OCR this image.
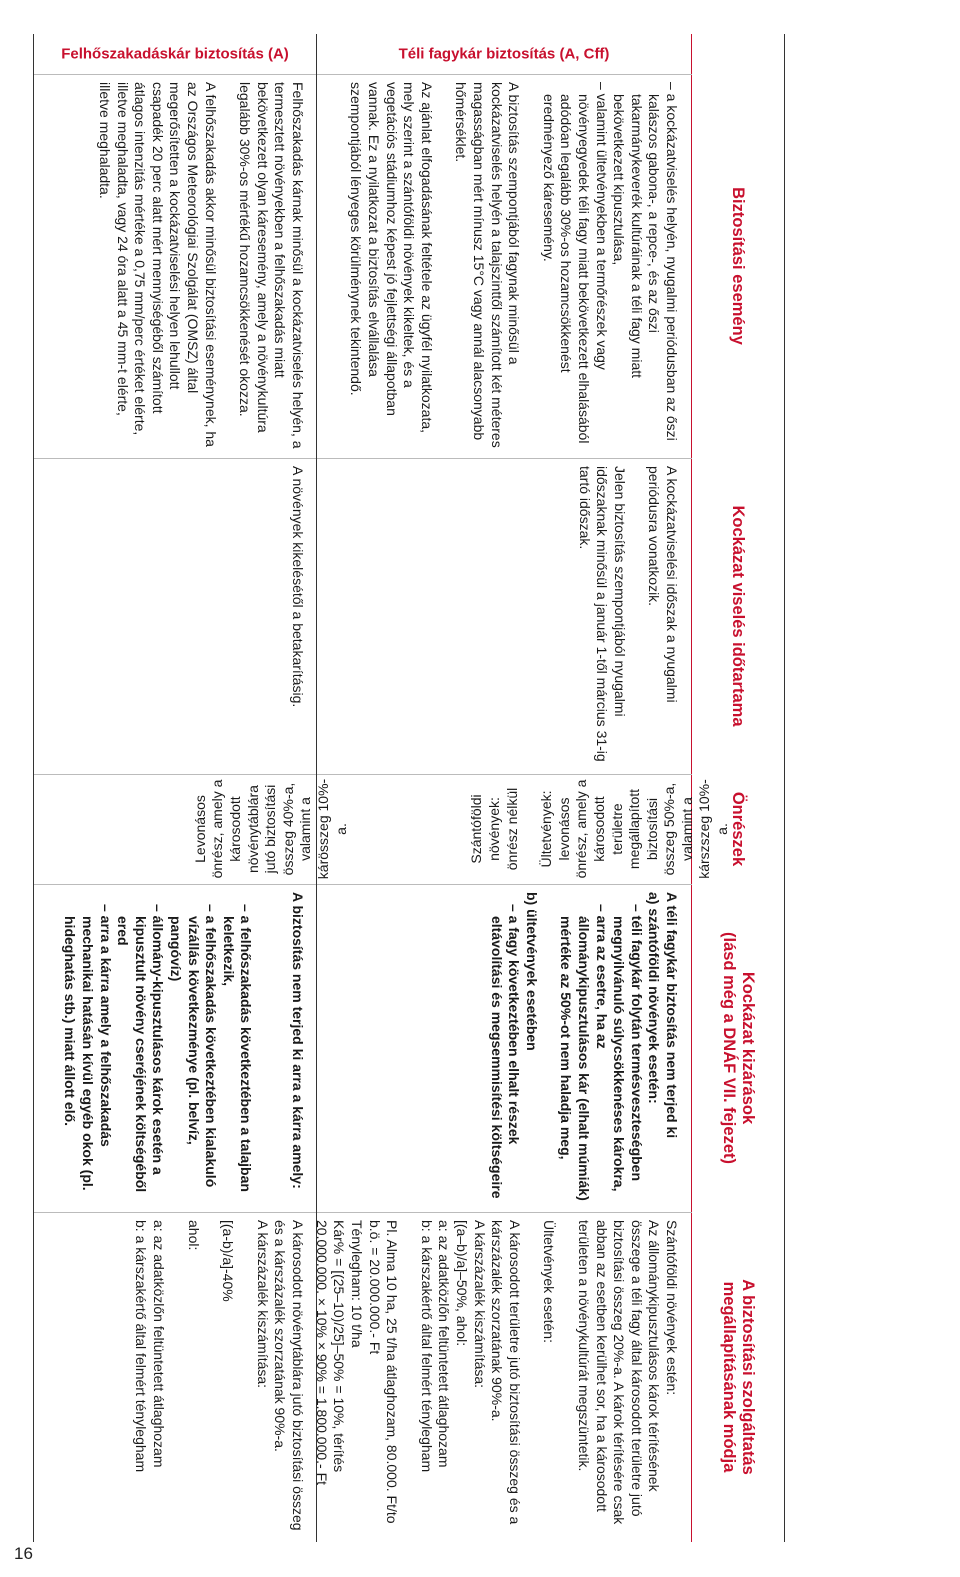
16
Biztosítási esemény
Kockázat viselés időtartama
Önrészek
Kockázat kizárások
(lásd még a DNÁF VII. fejezet)
A biztosítási szolgáltatás
megállapításának módja
Téli fagykár biztosítás (A, Cff)

– a kockázatviselés helyén, nyugalmi periódusban az őszi kalászos gabona-, a repce-, és az őszi takarmánykeverék kultúráinak a téli fagy miatt bekövetkezett kipusztulása,

– valamint ültetvényekben a termőrészek vagy növényegyedek téli fagy miatt bekövetkezett elhalásából adódóan legalább 30%-os hozamcsökkenést eredményező káresemény.

A biztosítás szempontjából fagynak minősül a kockázatviselés helyén a talajszinttől számított két méteres magasságban mért mínusz 15°C vagy annál alacsonyabb hőmérséklet.

Az ajánlat elfogadásának feltétele az ügyfél nyilatkozata, mely szerint a szántóföldi növények kikeltek, és a vegetációs stádiumhoz képest jó fejlettségi állapotban vannak. Ez a nyilatkozat a biztosítás elvállalása szempontjából lényeges körülménynek tekintendő.

A kockázatviselési időszak a nyugalmi periódusra vonatkozik.

Jelen biztosítás szempontjából nyugalmi időszaknak minősül a január 1-től március 31-ig tartó időszak.

Szántóföldi növények: önrész nélkül Ültetvények: levonásos önrész, amely a károsodott területre megállapított biztosítási összeg 50%-a, valamint a kárszszeg 10%-a.

A téli fagykár biztosítás nem terjed ki

a) szántóföldi növények esetén:

– téli fagykár folytán termésveszteségben megnyilvánuló súlycsökkenéses károkra,

– arra az esetre, ha az állománykipusztulásos kár (elhalt múmiák) mértéke az 50%-ot nem haladja meg,

b) ültetvények esetében

– a fagy következtében elhalt részek eltávolítási és megsemmisítési költségeire

Szántóföldi növények estén:

Az állománykipusztulásos károk térítésének összege a téli fagy által károsodott területre jutó biztosítási összeg 20%-a. A károk térítésére csak abban az esetben kerülhet sor, ha a károsodott területen a növénykultúrát megszüntetik.

Ültetvények esetén:

A károsodott területre jutó biztosítási összeg és a kárszázalék szorzatának 90%-a.

A kárszázalék kiszámítása:

[(a–b)/a]–50%, ahol:

a: az adatközlőn feltüntetett átlaghozam

b: a kárszakértő által felmért ténylegham

Pl. Alma 10 ha, 25 t/ha átlaghozam, 80.000. Ft/to

b.ö. = 20.000.000.- Ft

Ténylegham: 10 t/ha

Kár% = [(25–10)/25]–50% = 10%, térítés 20.000.000. × 10% × 90% = 1.800.000.- Ft

Felhőszakadáskár biztosítás (A)

Felhőszakadás kárnak minősül a kockázatviselés helyén, a termesztett növényekben a felhőszakadás miatt bekövetkezett olyan káresemény, amely a növénykultúra legalább 30%-os mértékű hozamcsökkenését okozza.

A felhőszakadás akkor minősül biztosítási eseménynek, ha az Országos Meteorológiai Szolgálat (OMSZ) által megerősítetten a kockázatviselési helyen lehullott csapadék 20 perc alatt mért mennyiségéből számított átlagos intenzitás mértéke a 0,75 mm/perc értéket elérte, illetve meghaladta, vagy 24 óra alatt a 45 mm-t elérte, illetve meghaladta.

A növények kikelésétől a betakarításig.

Levonásos önrész, amely a károsodott növénytáblára jutó biztosítási összeg 40%-a, valamint a kárösszeg 10%-a.

A biztosítás nem terjed ki arra a kárra amely:

– a felhőszakadás következtében a talajban keletkezik,

– a felhőszakadás következtében kialakuló vízállás következménye (pl. belvíz, pangóvíz)

– állomány-kipusztulásos károk esetén a kipusztult növény cseréjének költségéből ered

– arra a kárra amely a felhőszakadás mechanikai hatásán kívül egyéb okok (pl. hideghatás stb.) miatt állott elő.

A károsodott növénytáblára jutó biztosítási összeg és a kárszázalék szorzatának 90%-a.

A kárszázalék kiszámítása:

[(a-b)/a]-40%

ahol:

a: az adatközlőn feltüntetett átlaghozam

b: a kárszakértő által felmért ténylegham
